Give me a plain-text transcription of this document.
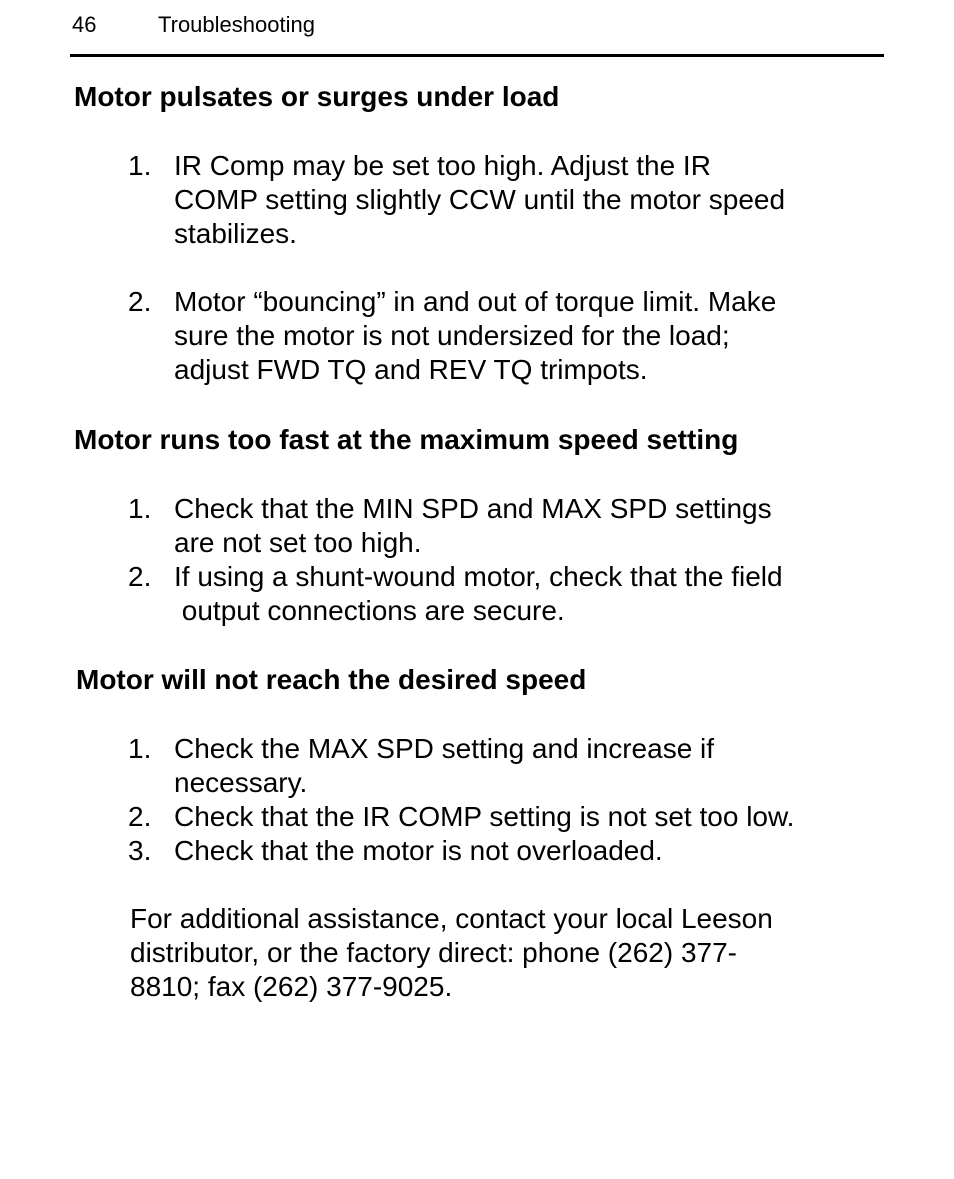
46	Troubleshooting
Motor pulsates or surges under load
1. IR Comp may be set too high. Adjust the IR
COMP setting slightly CCW until the motor speed
stabilizes.
2. Motor “bouncing” in and out of torque limit. Make
sure the motor is not undersized for the load;
adjust FWD TQ and REV TQ trimpots.
Motor runs too fast at the maximum speed setting
1. Check that the MIN SPD and MAX SPD settings
are not set too high.
2. If using a shunt-wound motor, check that the field
output connections are secure.
Motor will not reach the desired speed
1. Check the MAX SPD setting and increase if
necessary.
2. Check that the IR COMP setting is not set too low.
3. Check that the motor is not overloaded.

For additional assistance, contact your local Leeson
distributor, or the factory direct: phone (262) 377-
8810; fax (262) 377-9025.
